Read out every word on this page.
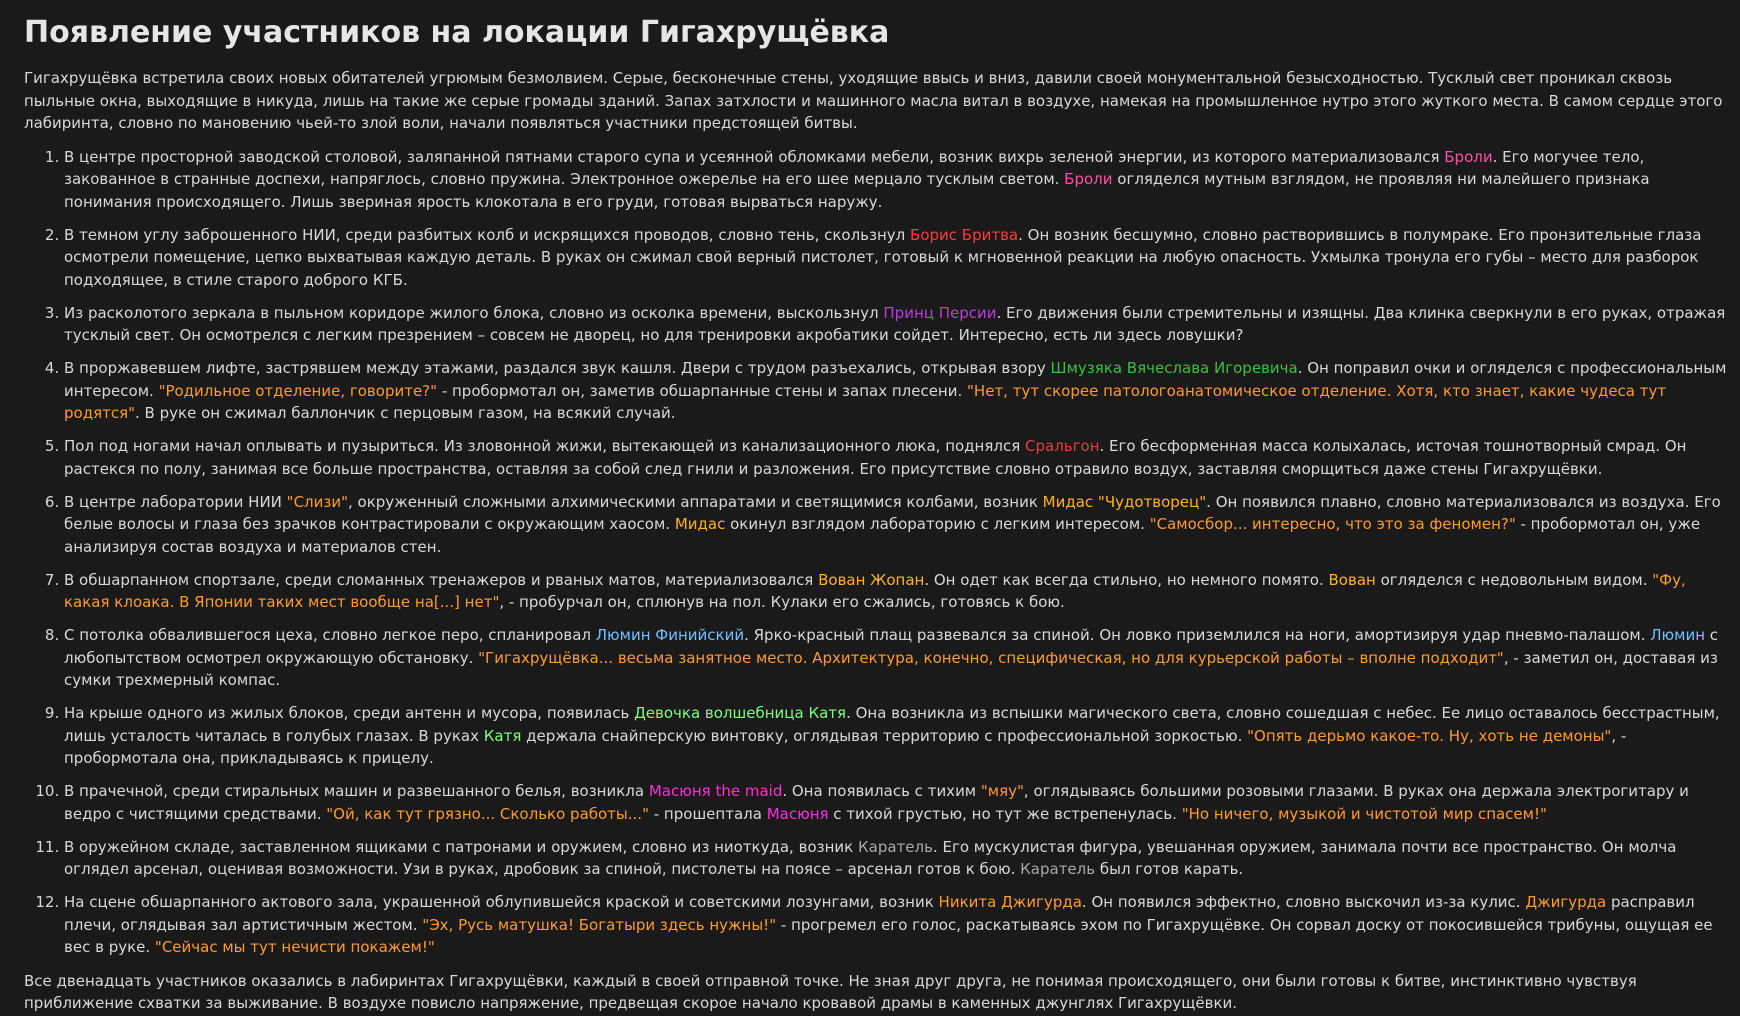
Появление участников на локации Гигахрущёвка

Гигахрущёвка встретила своих новых обитателей угрюмым безмолвием. Серые, бесконечные стены, уходящие ввысь и вниз, давили своей монументальной безысходностью. Тусклый свет проникал сквозь пыльные окна, выходящие в никуда, лишь на такие же серые громады зданий. Запах затхлости и машинного масла витал в воздухе, намекая на промышленное нутро этого жуткого места. В самом сердце этого лабиринта, словно по мановению чьей-то злой воли, начали появляться участники предстоящей битвы.

1. В центре просторной заводской столовой, заляпанной пятнами старого супа и усеянной обломками мебели, возник вихрь зеленой энергии, из которого материализовался Броли. Его могучее тело, закованное в странные доспехи, напряглось, словно пружина. Электронное ожерелье на его шее мерцало тусклым светом. Броли огляделся мутным взглядом, не проявляя ни малейшего признака понимания происходящего. Лишь звериная ярость клокотала в его груди, готовая вырваться наружу.
2. В темном углу заброшенного НИИ, среди разбитых колб и искрящихся проводов, словно тень, скользнул Борис Бритва. Он возник бесшумно, словно растворившись в полумраке. Его пронзительные глаза осмотрели помещение, цепко выхватывая каждую деталь. В руках он сжимал свой верный пистолет, готовый к мгновенной реакции на любую опасность. Ухмылка тронула его губы – место для разборок подходящее, в стиле старого доброго КГБ.
3. Из расколотого зеркала в пыльном коридоре жилого блока, словно из осколка времени, выскользнул Принц Персии. Его движения были стремительны и изящны. Два клинка сверкнули в его руках, отражая тусклый свет. Он осмотрелся с легким презрением – совсем не дворец, но для тренировки акробатики сойдет. Интересно, есть ли здесь ловушки?
4. В проржавевшем лифте, застрявшем между этажами, раздался звук кашля. Двери с трудом разъехались, открывая взору Шмузяка Вячеслава Игоревича. Он поправил очки и огляделся с профессиональным интересом. "Родильное отделение, говорите?" - пробормотал он, заметив обшарпанные стены и запах плесени. "Нет, тут скорее патологоанатомическое отделение. Хотя, кто знает, какие чудеса тут родятся". В руке он сжимал баллончик с перцовым газом, на всякий случай.
5. Пол под ногами начал оплывать и пузыриться. Из зловонной жижи, вытекающей из канализационного люка, поднялся Сральгон. Его бесформенная масса колыхалась, источая тошнотворный смрад. Он растекся по полу, занимая все больше пространства, оставляя за собой след гнили и разложения. Его присутствие словно отравило воздух, заставляя сморщиться даже стены Гигахрущёвки.
6. В центре лаборатории НИИ "Слизи", окруженный сложными алхимическими аппаратами и светящимися колбами, возник Мидас "Чудотворец". Он появился плавно, словно материализовался из воздуха. Его белые волосы и глаза без зрачков контрастировали с окружающим хаосом. Мидас окинул взглядом лабораторию с легким интересом. "Самосбор... интересно, что это за феномен?" - пробормотал он, уже анализируя состав воздуха и материалов стен.
7. В обшарпанном спортзале, среди сломанных тренажеров и рваных матов, материализовался Вован Жопан. Он одет как всегда стильно, но немного помято. Вован огляделся с недовольным видом. "Фу, какая клоака. В Японии таких мест вообще на[...] нет", - пробурчал он, сплюнув на пол. Кулаки его сжались, готовясь к бою.
8. С потолка обвалившегося цеха, словно легкое перо, спланировал Люмин Финийский. Ярко-красный плащ развевался за спиной. Он ловко приземлился на ноги, амортизируя удар пневмо-палашом. Люмин с любопытством осмотрел окружающую обстановку. "Гигахрущёвка... весьма занятное место. Архитектура, конечно, специфическая, но для курьерской работы – вполне подходит", - заметил он, доставая из сумки трехмерный компас.
9. На крыше одного из жилых блоков, среди антенн и мусора, появилась Девочка волшебница Катя. Она возникла из вспышки магического света, словно сошедшая с небес. Ее лицо оставалось бесстрастным, лишь усталость читалась в голубых глазах. В руках Катя держала снайперскую винтовку, оглядывая территорию с профессиональной зоркостью. "Опять дерьмо какое-то. Ну, хоть не демоны", - пробормотала она, прикладываясь к прицелу.
10. В прачечной, среди стиральных машин и развешанного белья, возникла Масюня the maid. Она появилась с тихим "мяу", оглядываясь большими розовыми глазами. В руках она держала электрогитару и ведро с чистящими средствами. "Ой, как тут грязно... Сколько работы..." - прошептала Масюня с тихой грустью, но тут же встрепенулась. "Но ничего, музыкой и чистотой мир спасем!"
11. В оружейном складе, заставленном ящиками с патронами и оружием, словно из ниоткуда, возник Каратель. Его мускулистая фигура, увешанная оружием, занимала почти все пространство. Он молча оглядел арсенал, оценивая возможности. Узи в руках, дробовик за спиной, пистолеты на поясе – арсенал готов к бою. Каратель был готов карать.
12. На сцене обшарпанного актового зала, украшенной облупившейся краской и советскими лозунгами, возник Никита Джигурда. Он появился эффектно, словно выскочил из-за кулис. Джигурда расправил плечи, оглядывая зал артистичным жестом. "Эх, Русь матушка! Богатыри здесь нужны!" - прогремел его голос, раскатываясь эхом по Гигахрущёвке. Он сорвал доску от покосившейся трибуны, ощущая ее вес в руке. "Сейчас мы тут нечисти покажем!"

Все двенадцать участников оказались в лабиринтах Гигахрущёвки, каждый в своей отправной точке. Не зная друг друга, не понимая происходящего, они были готовы к битве, инстинктивно чувствуя приближение схватки за выживание. В воздухе повисло напряжение, предвещая скорое начало кровавой драмы в каменных джунглях Гигахрущёвки.
